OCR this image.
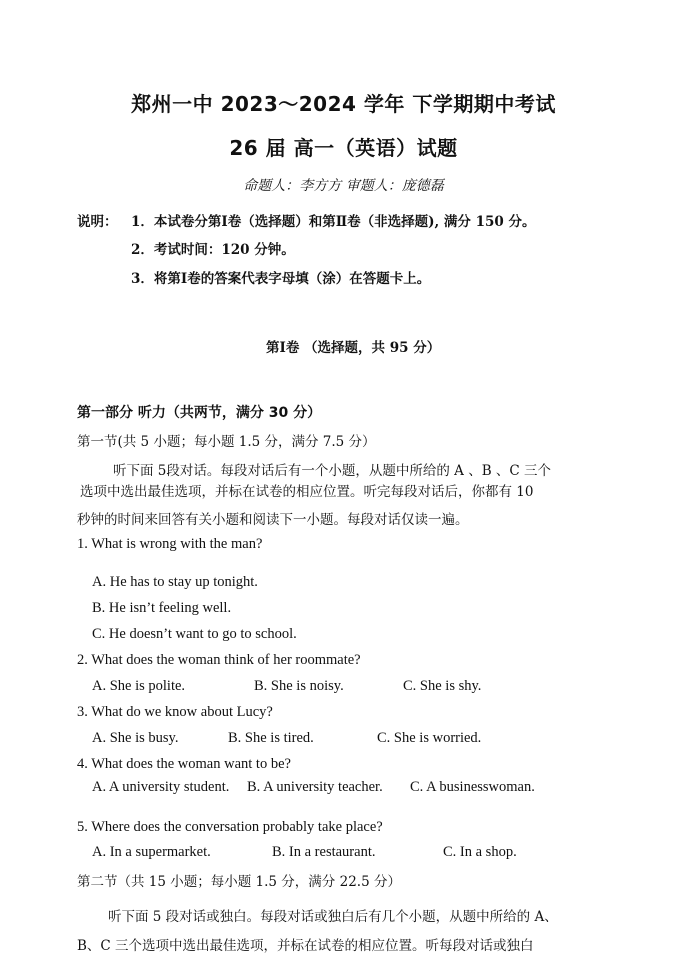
郑州一中 2023～2024 学年 下学期期中考试
26 届 高一（英语）试题
命题人：李方方 审题人：庞德磊
说明： 1．本试卷分第Ⅰ卷（选择题）和第Ⅱ卷（非选择题), 满分 150 分。
2．考试时间：120 分钟。
3．将第Ⅰ卷的答案代表字母填（涂）在答题卡上。
第Ⅰ卷 （选择题，共 95 分）
第一部分 听力（共两节，满分 30 分）
第一节(共 5 小题；每小题 1.5 分，满分 7.5 分）
听下面 5段对话。每段对话后有一个小题，从题中所给的 A 、B 、C 三个
选项中选出最佳选项，并标在试卷的相应位置。听完每段对话后，你都有 10
秒钟的时间来回答有关小题和阅读下一小题。每段对话仅读一遍。
1. What is wrong with the man?
A. He has to stay up tonight.
B. He isn’t feeling well.
C. He doesn’t want to go to school.
2. What does the woman think of her roommate?
A. She is polite.	B. She is noisy.	C. She is shy.
3. What do we know about Lucy?
A. She is busy.	B. She is tired.	C. She is worried.
4. What does the woman want to be?
A. A university student. B. A university teacher. C. A businesswoman.
5. Where does the conversation probably take place?
A. In a supermarket.	B. In a restaurant.	C. In a shop.
第二节（共 15 小题；每小题 1.5 分，满分 22.5 分）
听下面 5 段对话或独白。每段对话或独白后有几个小题，从题中所给的 A、
B、C 三个选项中选出最佳选项，并标在试卷的相应位置。听每段对话或独白
